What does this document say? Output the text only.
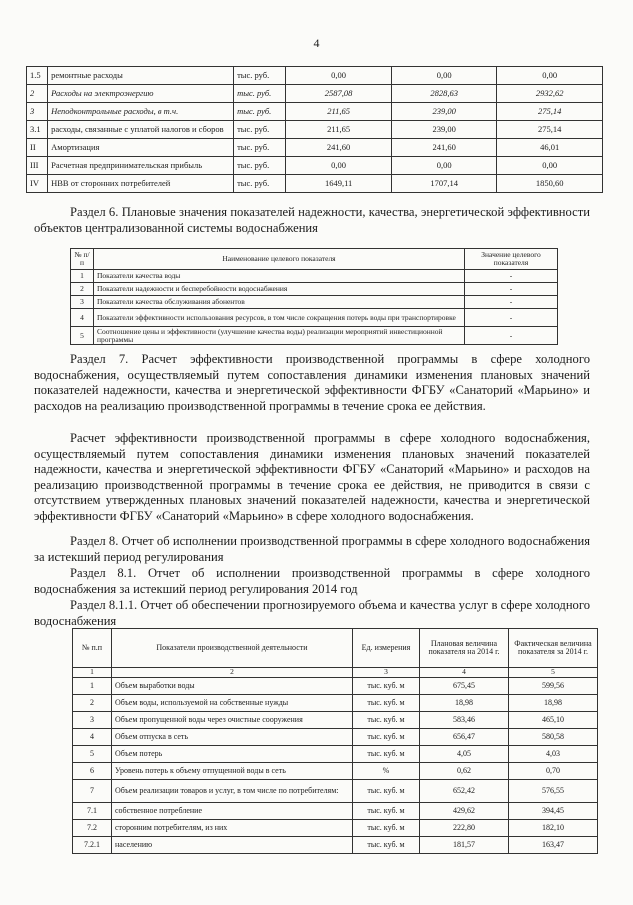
4
1.5	ремонтные расходы	тыс. руб.	0,00	0,00	0,00
2	Расходы на электроэнергию	тыс. руб.	2587,08	2828,63	2932,62
3	Неподконтрольные расходы, в т.ч.	тыс. руб.	211,65	239,00	275,14
3.1	расходы, связанные с уплатой налогов и сборов	тыс. руб.	211,65	239,00	275,14
II	Амортизация	тыс. руб.	241,60	241,60	46,01
III	Расчетная предпринимательская прибыль	тыс. руб.	0,00	0,00	0,00
IV	НВВ от сторонних потребителей	тыс. руб.	1649,11	1707,14	1850,60

Раздел 6. Плановые значения показателей надежности, качества, энергетической эффективности объектов централизованной системы водоснабжения

№ п/п	Наименование целевого показателя	Значение целевого показателя
1	Показатели качества воды	-
2	Показатели надежности и бесперебойности водоснабжения	-
3	Показатели качества обслуживания абонентов	-
4	Показатели эффективности использования ресурсов, в том числе сокращения потерь воды при транспортировке	-
5	Соотношение цены и эффективности (улучшение качества воды) реализации мероприятий инвестиционной программы	-

Раздел 7. Расчет эффективности производственной программы в сфере холодного водоснабжения, осуществляемый путем сопоставления динамики изменения плановых значений показателей надежности, качества и энергетической эффективности ФГБУ «Санаторий «Марьино» и расходов на реализацию производственной программы в течение срока ее действия.

Расчет эффективности производственной программы в сфере холодного водоснабжения, осуществляемый путем сопоставления динамики изменения плановых значений показателей надежности, качества и энергетической эффективности ФГБУ «Санаторий «Марьино» и расходов на реализацию производственной программы в течение срока ее действия, не приводится в связи с отсутствием утвержденных плановых значений показателей надежности, качества и энергетической эффективности ФГБУ «Санаторий «Марьино» в сфере холодного водоснабжения.

Раздел 8. Отчет об исполнении производственной программы в сфере холодного водоснабжения за истекший период регулирования

Раздел 8.1. Отчет об исполнении производственной программы в сфере холодного водоснабжения за истекший период регулирования 2014 год

Раздел 8.1.1. Отчет об обеспечении прогнозируемого объема и качества услуг в сфере холодного водоснабжения

№ п.п	Показатели производственной деятельности	Ед. измерения	Плановая величина показателя на 2014 г.	Фактическая величина показателя за 2014 г.
1	2	3	4	5
1	Объем выработки воды	тыс. куб. м	675,45	599,56
2	Объем воды, используемой на собственные нужды	тыс. куб. м	18,98	18,98
3	Объем пропущенной воды через очистные сооружения	тыс. куб. м	583,46	465,10
4	Объем отпуска в сеть	тыс. куб. м	656,47	580,58
5	Объем потерь	тыс. куб. м	4,05	4,03
6	Уровень потерь к объему отпущенной воды в сеть	%	0,62	0,70
7	Объем реализации товаров и услуг, в том числе по потребителям:	тыс. куб. м	652,42	576,55
7.1	собственное потребление	тыс. куб. м	429,62	394,45
7.2	сторонним потребителям, из них	тыс. куб. м	222,80	182,10
7.2.1	населению	тыс. куб. м	181,57	163,47
